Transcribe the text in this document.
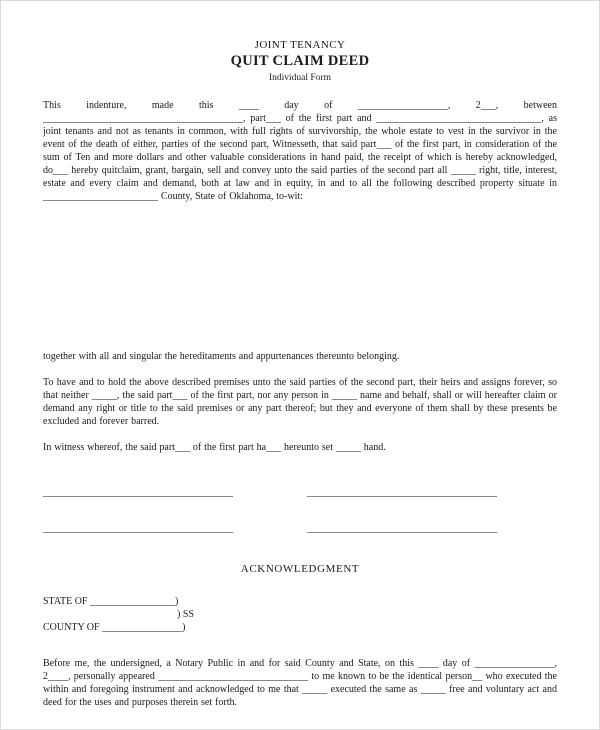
JOINT TENANCY
QUIT CLAIM DEED
Individual Form
This indenture, made this ____ day of __________________, 2___, between ________________________________________, part___ of the first part and _________________________________, as joint tenants and not as tenants in common, with full rights of survivorship, the whole estate to vest in the survivor in the event of the death of either, parties of the second part, Witnesseth, that said part___ of the first part, in consideration of the sum of Ten and more dollars and other valuable considerations in hand paid, the receipt of which is hereby acknowledged, do___ hereby quitclaim, grant, bargain, sell and convey unto the said parties of the second part all _____ right, title, interest, estate and every claim and demand, both at law and in equity, in and to all the following described property situate in _______________________ County, State of Oklahoma, to-wit:
together with all and singular the hereditaments and appurtenances thereunto belonging.
To have and to hold the above described premises unto the said parties of the second part, their heirs and assigns forever, so that neither _____, the said part___ of the first part, nor any person in _____ name and behalf, shall or will hereafter claim or demand any right or title to the said premises or any part thereof; but they and everyone of them shall by these presents be excluded and forever barred.
In witness whereof, the said part___ of the first part ha___ hereunto set _____ hand.
______________________________________	______________________________________
______________________________________	______________________________________
ACKNOWLEDGMENT
STATE OF _________________)
) SS
COUNTY OF ________________)
Before me, the undersigned, a Notary Public in and for said County and State, on this ____ day of ________________, 2____, personally appeared ______________________________ to me known to be the identical person__ who executed the within and foregoing instrument and acknowledged to me that _____ executed the same as _____ free and voluntary act and deed for the uses and purposes therein set forth.
